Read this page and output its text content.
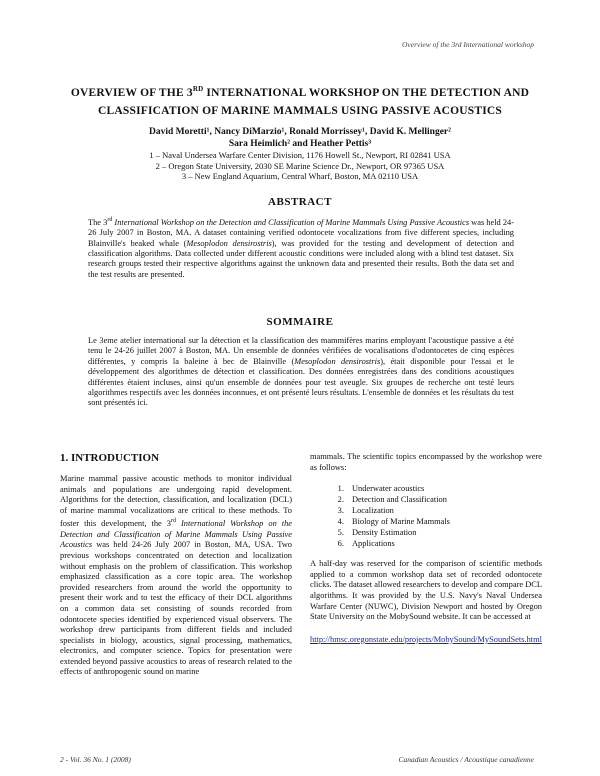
Overview of the 3rd International workshop
OVERVIEW OF THE 3RD INTERNATIONAL WORKSHOP ON THE DETECTION AND
CLASSIFICATION OF MARINE MAMMALS USING PASSIVE ACOUSTICS
David Moretti¹, Nancy DiMarzio¹, Ronald Morrissey¹, David K. Mellinger²
Sara Heimlich² and Heather Pettis³
1 – Naval Undersea Warfare Center Division, 1176 Howell St., Newport, RI 02841 USA
2 – Oregon State University, 2030 SE Marine Science Dr., Newport, OR 97365 USA
3 – New England Aquarium, Central Wharf, Boston, MA 02110 USA
ABSTRACT
The 3rd International Workshop on the Detection and Classification of Marine Mammals Using Passive Acoustics was held 24-26 July 2007 in Boston, MA. A dataset containing verified odontocete vocalizations from five different species, including Blainville's beaked whale (Mesoplodon densirostris), was provided for the testing and development of detection and classification algorithms. Data collected under different acoustic conditions were included along with a blind test dataset. Six research groups tested their respective algorithms against the unknown data and presented their results. Both the data set and the test results are presented.
SOMMAIRE
Le 3eme atelier international sur la détection et la classification des mammifères marins employant l'acoustique passive a été tenu le 24-26 juillet 2007 à Boston, MA. Un ensemble de données vérifiées de vocalisations d'odontocetes de cinq espèces différentes, y compris la baleine à bec de Blainville (Mesoplodon densirostris), était disponible pour l'essai et le développement des algorithmes de détection et classification. Des données enregistrées dans des conditions acoustiques différentes étaient incluses, ainsi qu'un ensemble de données pour test aveugle. Six groupes de recherche ont testé leurs algorithmes respectifs avec les données inconnues, et ont présenté leurs résultats. L'ensemble de données et les résultats du test sont présentés ici.
1. INTRODUCTION
Marine mammal passive acoustic methods to monitor individual animals and populations are undergoing rapid development. Algorithms for the detection, classification, and localization (DCL) of marine mammal vocalizations are critical to these methods. To foster this development, the 3rd International Workshop on the Detection and Classification of Marine Mammals Using Passive Acoustics was held 24-26 July 2007 in Boston, MA, USA. Two previous workshops concentrated on detection and localization without emphasis on the problem of classification. This workshop emphasized classification as a core topic area. The workshop provided researchers from around the world the opportunity to present their work and to test the efficacy of their DCL algorithms on a common data set consisting of sounds recorded from odontocete species identified by experienced visual observers. The workshop drew participants from different fields and included specialists in biology, acoustics, signal processing, mathematics, electronics, and computer science. Topics for presentation were extended beyond passive acoustics to areas of research related to the effects of anthropogenic sound on marine
mammals. The scientific topics encompassed by the workshop were as follows:
1. Underwater acoustics
2. Detection and Classification
3. Localization
4. Biology of Marine Mammals
5. Density Estimation
6. Applications
A half-day was reserved for the comparison of scientific methods applied to a common workshop data set of recorded odontocete clicks. The dataset allowed researchers to develop and compare DCL algorithms. It was provided by the U.S. Navy's Naval Undersea Warfare Center (NUWC), Division Newport and hosted by Oregon State University on the MobySound website. It can be accessed at
http://hmsc.oregonstate.edu/projects/MobySound/MySoundSets.html
2 - Vol. 36 No. 1 (2008)	Canadian Acoustics / Acoustique canadienne
